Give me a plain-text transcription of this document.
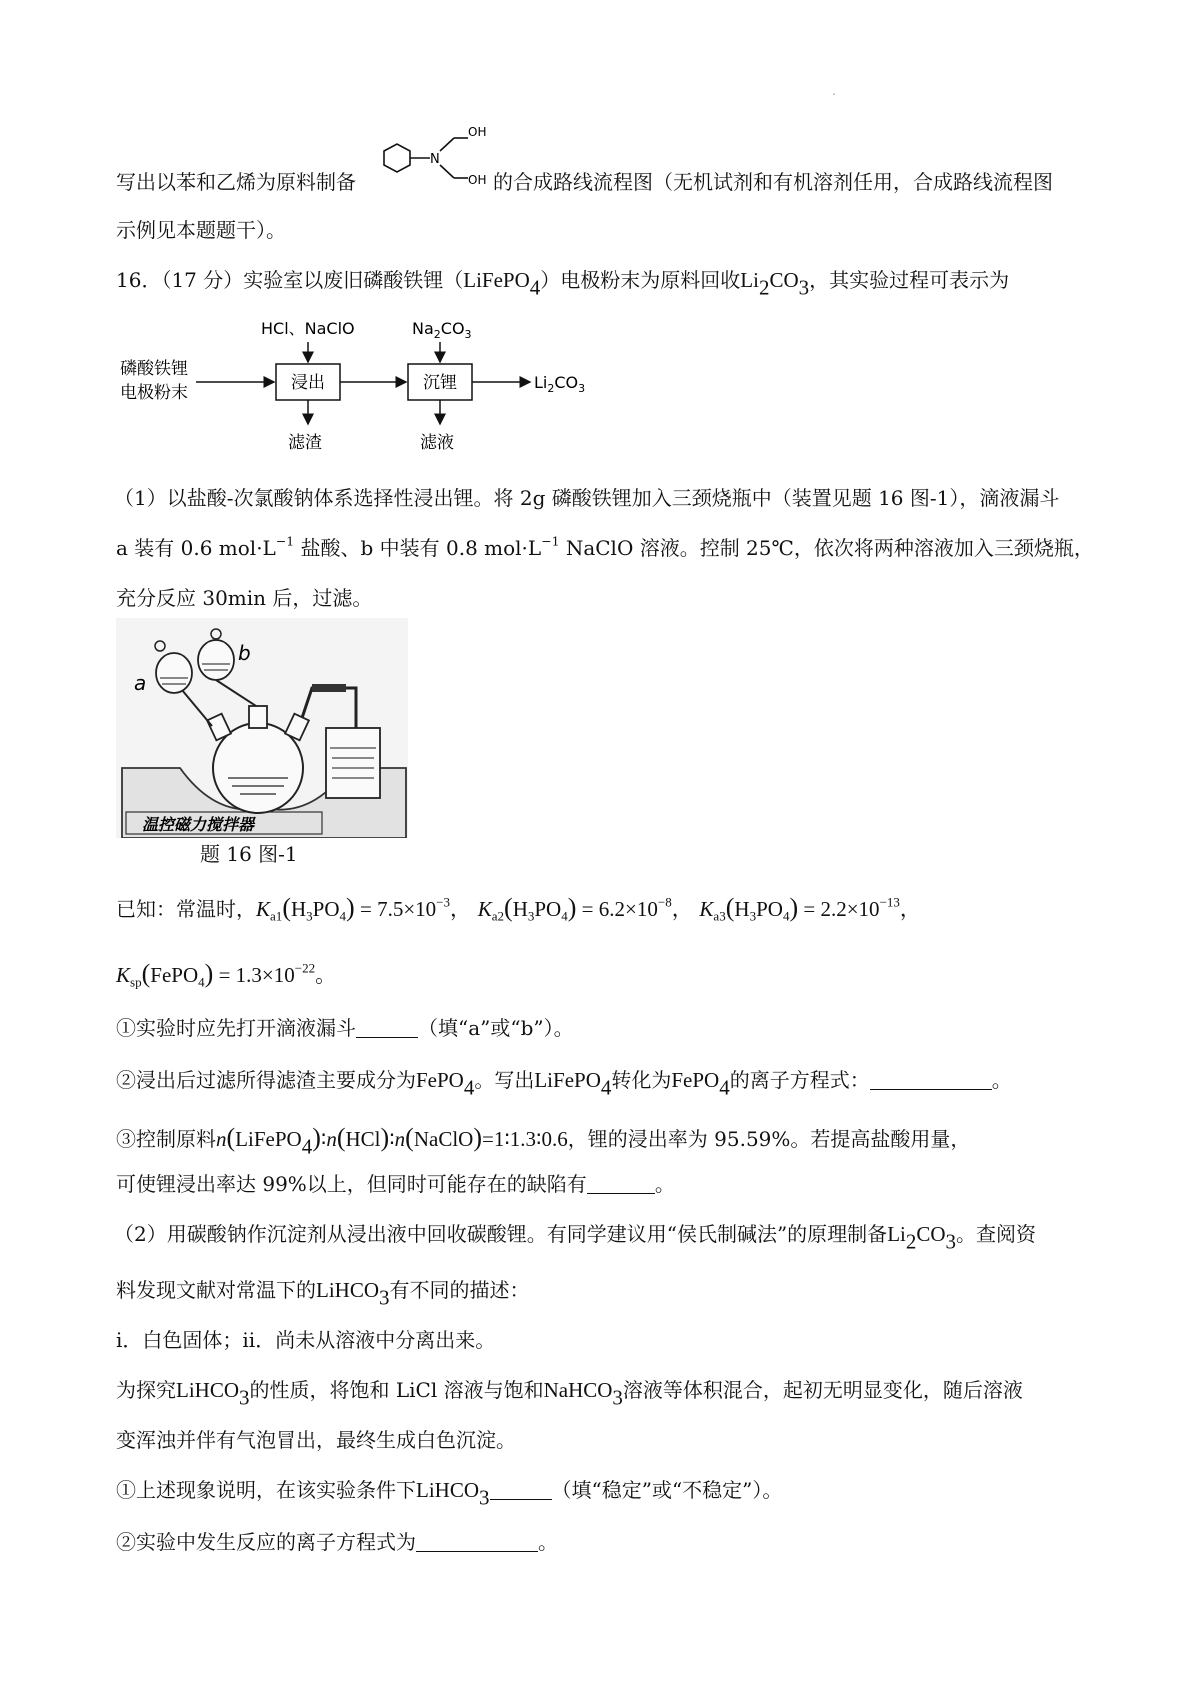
.
写出以苯和乙烯为原料制备
N
OH
OH 的合成路线流程图（无机试剂和有机溶剂任用，合成路线流程图
示例见本题题干）。
16．（17 分）实验室以废旧磷酸铁锂（LiFePO$_4$）电极粉末为原料回收$Li_2CO_3$，其实验过程可表示为
磷酸铁锂
电极粉末	浸出
HCl、NaClO
滤渣
沉锂
$Na_2CO_3$
滤液
$Li_2CO_3$
（1）以盐酸-次氯酸钠体系选择性浸出锂。将 2g 磷酸铁锂加入三颈烧瓶中（装置见题 16 图-1），滴液漏斗
a 装有 0.6 $mol\cdot L^{-1}$ 盐酸、b 中装有 0.8 $mol\cdot L^{-1}$ NaClO 溶液。控制 25℃，依次将两种溶液加入三颈烧瓶，
充分反应 30min 后，过滤。
温控磁力搅拌器
a
b
题 16 图-1
已知：常温时，$K_{a1}(H_3PO_4) = 7.5\times 10^{-3}$， $K_{a2}(H_3PO_4) = 6.2\times 10^{-8}$， $K_{a3}(H_3PO_4) = 2.2\times 10^{-13}$，
$K_{sp}(FePO_4) = 1.3\times 10^{-22}$。
①实验时应先打开滴液漏斗	（填“a”或“b”）。
②浸出后过滤所得滤渣主要成分为FePO$_4$。写出LiFePO$_4$转化为FePO$_4$的离子方程式：	。
③控制原料n(LiFePO$_4$)∶n(HCl)∶n(NaClO)=1∶1.3∶0.6，锂的浸出率为 95.59%。若提高盐酸用量，
可使锂浸出率达 99%以上，但同时可能存在的缺陷有	。
（2）用碳酸钠作沉淀剂从浸出液中回收碳酸锂。有同学建议用“侯氏制碱法”的原理制备$Li_2CO_3$。查阅资
料发现文献对常温下的LiHCO$_3$有不同的描述：
ⅰ．白色固体；ⅱ．尚未从溶液中分离出来。
为探究LiHCO$_3$的性质，将饱和 LiCl 溶液与饱和NaHCO$_3$溶液等体积混合，起初无明显变化，随后溶液
变浑浊并伴有气泡冒出，最终生成白色沉淀。
①上述现象说明，在该实验条件下LiHCO$_3$	（填“稳定”或“不稳定”）。
②实验中发生反应的离子方程式为	。
